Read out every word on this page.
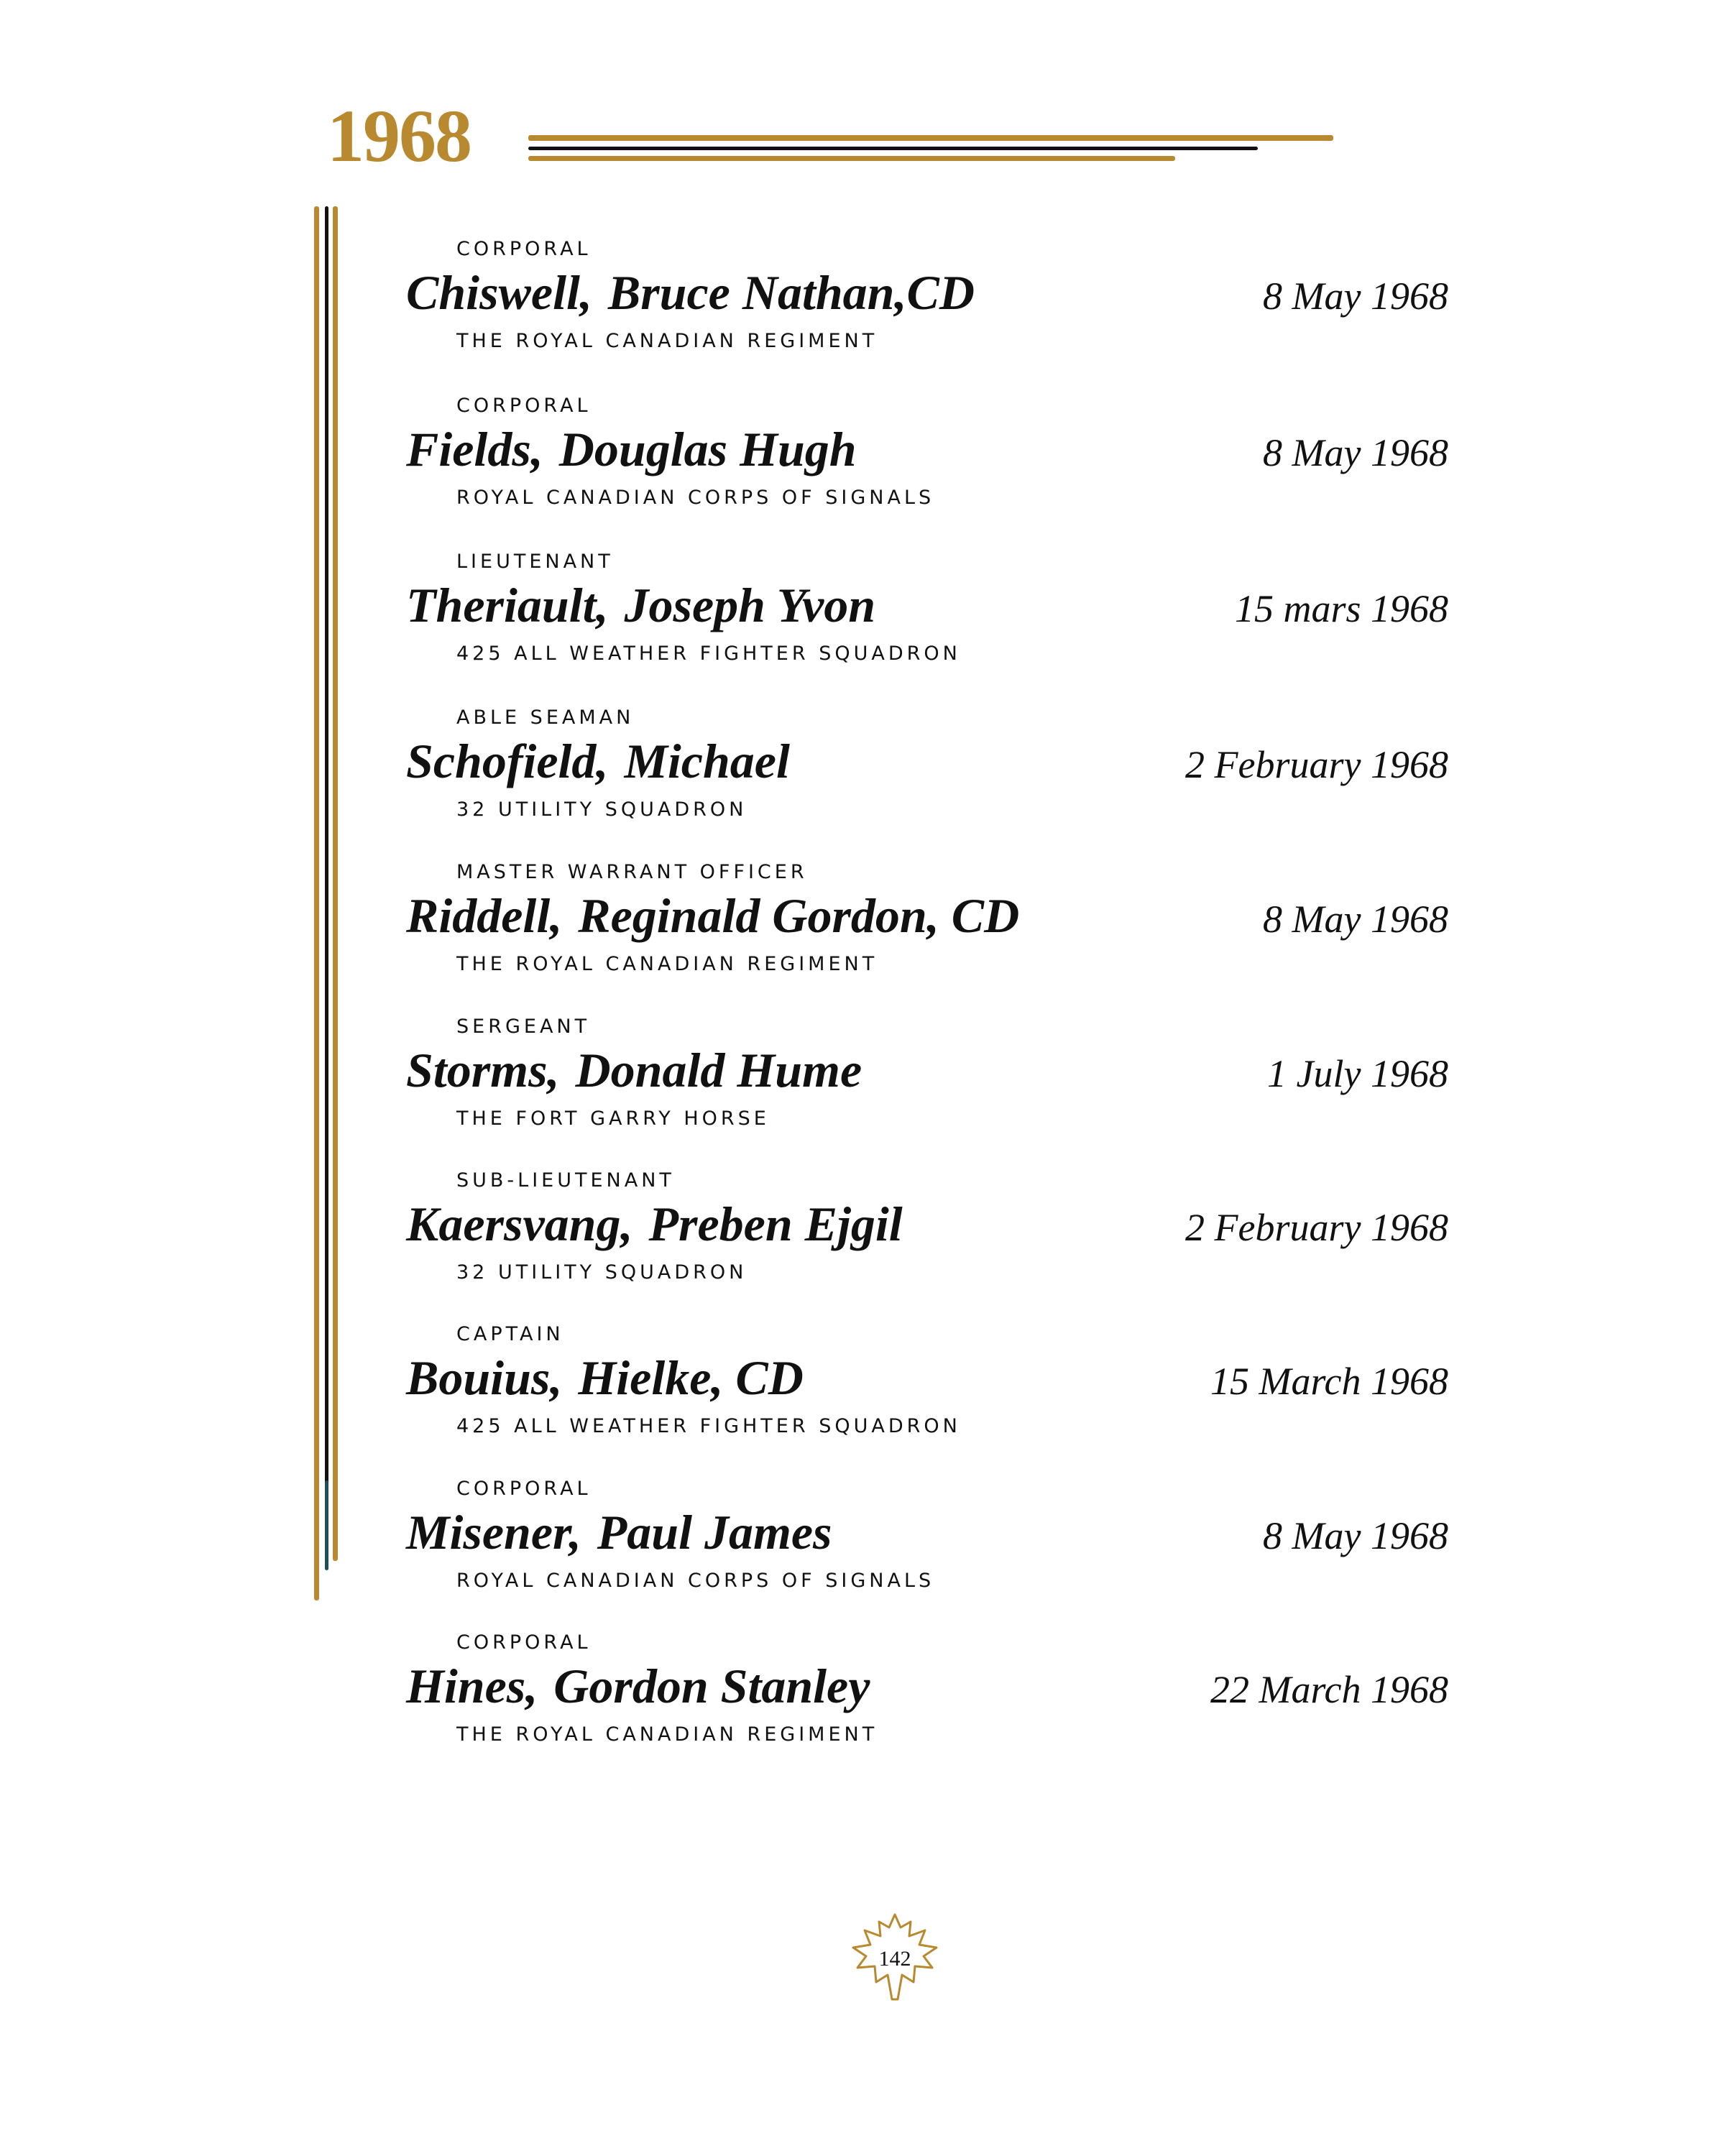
1968
CORPORAL
Chiswell, Bruce Nathan,CD
THE ROYAL CANADIAN REGIMENT
8 May 1968
CORPORAL
Fields, Douglas Hugh
ROYAL CANADIAN CORPS OF SIGNALS
8 May 1968
LIEUTENANT
Theriault, Joseph Yvon
425 ALL WEATHER FIGHTER SQUADRON
15 mars 1968
ABLE SEAMAN
Schofield, Michael
32 UTILITY SQUADRON
2 February 1968
MASTER WARRANT OFFICER
Riddell, Reginald Gordon, CD
THE ROYAL CANADIAN REGIMENT
8 May 1968
SERGEANT
Storms, Donald Hume
THE FORT GARRY HORSE
1 July 1968
SUB-LIEUTENANT
Kaersvang, Preben Ejgil
32 UTILITY SQUADRON
2 February 1968
CAPTAIN
Bouius, Hielke, CD
425 ALL WEATHER FIGHTER SQUADRON
15 March 1968
CORPORAL
Misener, Paul James
ROYAL CANADIAN CORPS OF SIGNALS
8 May 1968
CORPORAL
Hines, Gordon Stanley
THE ROYAL CANADIAN REGIMENT
22 March 1968
142
